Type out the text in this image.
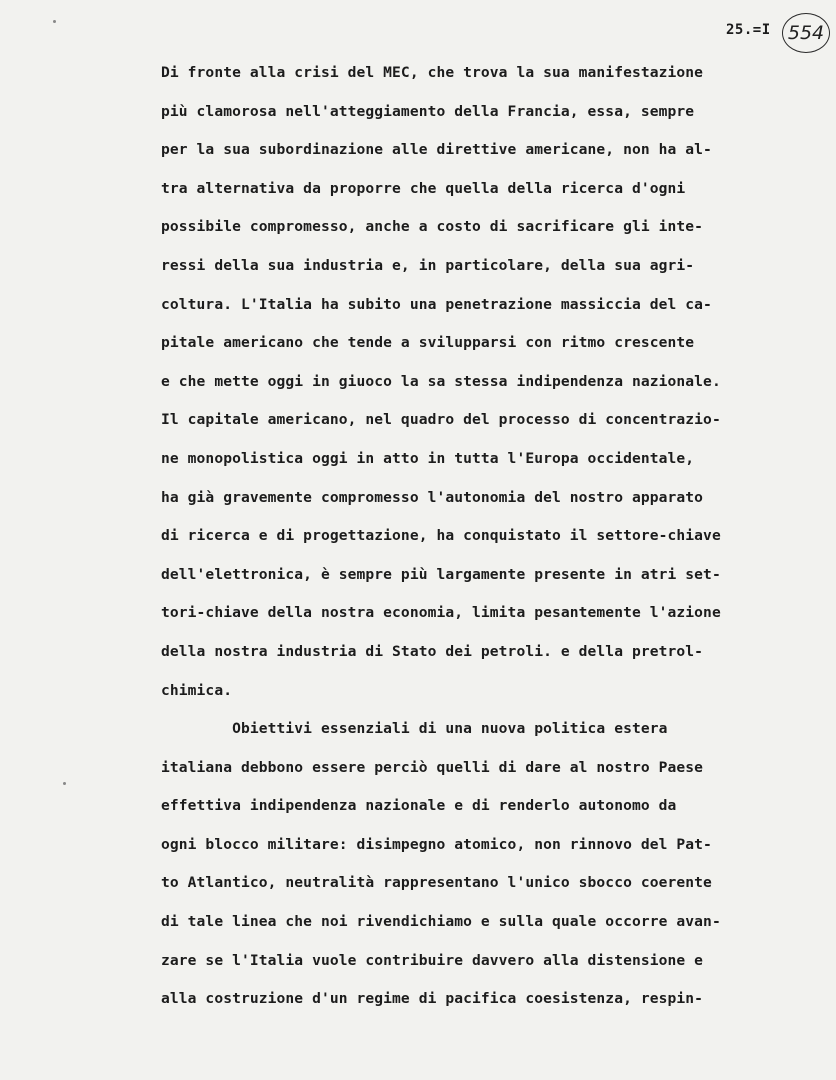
25.=I 554
Di fronte alla crisi del MEC, che trova la sua manifestazione
più clamorosa nell'atteggiamento della Francia, essa, sempre
per la sua subordinazione alle direttive americane, non ha al-
tra alternativa da proporre che quella della ricerca d'ogni
possibile compromesso, anche a costo di sacrificare gli inte-
ressi della sua industria e, in particolare, della sua agri-
coltura. L'Italia ha subito una penetrazione massiccia del ca-
pitale americano che tende a svilupparsi con ritmo crescente
e che mette oggi in giuoco la sa stessa indipendenza nazionale.
Il capitale americano, nel quadro del processo di concentrazio-
ne monopolistica oggi in atto in tutta l'Europa occidentale,
ha già gravemente compromesso l'autonomia del nostro apparato
di ricerca e di progettazione, ha conquistato il settore-chiave
dell'elettronica, è sempre più largamente presente in atri set-
tori-chiave della nostra economia, limita pesantemente l'azione
della nostra industria di Stato dei petroli. e della pretrol-
chimica.
Obiettivi essenziali di una nuova politica estera
italiana debbono essere perciò quelli di dare al nostro Paese
effettiva indipendenza nazionale e di renderlo autonomo da
ogni blocco militare: disimpegno atomico, non rinnovo del Pat-
to Atlantico, neutralità rappresentano l'unico sbocco coerente
di tale linea che noi rivendichiamo e sulla quale occorre avan-
zare se l'Italia vuole contribuire davvero alla distensione e
alla costruzione d'un regime di pacifica coesistenza, respin-
